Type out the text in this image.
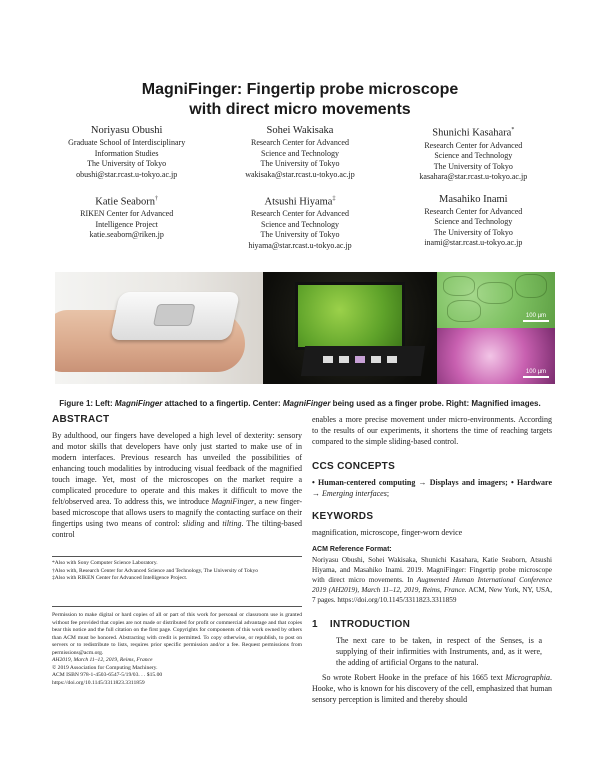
MagniFinger: Fingertip probe microscope
with direct micro movements
Noriyasu Obushi
Graduate School of Interdisciplinary
Information Studies
The University of Tokyo
obushi@star.rcast.u-tokyo.ac.jp
Sohei Wakisaka
Research Center for Advanced
Science and Technology
The University of Tokyo
wakisaka@star.rcast.u-tokyo.ac.jp
Shunichi Kasahara*
Research Center for Advanced
Science and Technology
The University of Tokyo
kasahara@star.rcast.u-tokyo.ac.jp
Katie Seaborn†
RIKEN Center for Advanced
Intelligence Project
katie.seaborn@riken.jp
Atsushi Hiyama‡
Research Center for Advanced
Science and Technology
The University of Tokyo
hiyama@star.rcast.u-tokyo.ac.jp
Masahiko Inami
Research Center for Advanced
Science and Technology
The University of Tokyo
inami@star.rcast.u-tokyo.ac.jp
100 µm
100 µm
Figure 1: Left: MagniFinger attached to a fingertip. Center: MagniFinger being used as a finger probe. Right: Magnified images.
ABSTRACT

By adulthood, our fingers have developed a high level of dexterity: sensory and motor skills that developers have only just started to make use of in modern interfaces. Previous research has unveiled the possibilities of enhancing touch modalities by introducing visual feedback of the magnified touch image. Yet, most of the microscopes on the market require a complicated procedure to operate and this makes it difficult to move the felt/observed area. To address this, we introduce MagniFinger, a new finger-based microscope that allows users to magnify the contacting surface on their fingertips using two means of control: sliding and tilting. The tilting-based control

*Also with Sony Computer Science Laboratory.
†Also with, Research Center for Advanced Science and Technology, The University of Tokyo
‡Also with RIKEN Center for Advanced Intelligence Project.
Permission to make digital or hard copies of all or part of this work for personal or classroom use is granted without fee provided that copies are not made or distributed for profit or commercial advantage and that copies bear this notice and the full citation on the first page. Copyrights for components of this work owned by others than ACM must be honored. Abstracting with credit is permitted. To copy otherwise, or republish, to post on servers or to redistribute to lists, requires prior specific permission and/or a fee. Request permissions from permissions@acm.org.
AH2019, March 11–12, 2019, Reims, France
© 2019 Association for Computing Machinery.
ACM ISBN 978-1-4503-6547-5/19/03. . . $15.00
https://doi.org/10.1145/3311823.3311859

enables a more precise movement under micro-environments. According to the results of our experiments, it shortens the time of reaching targets compared to the simple sliding-based control.

CCS CONCEPTS

• Human-centered computing → Displays and imagers; • Hardware → Emerging interfaces;

KEYWORDS

magnification, microscope, finger-worn device

ACM Reference Format:

Noriyasu Obushi, Sohei Wakisaka, Shunichi Kasahara, Katie Seaborn, Atsushi Hiyama, and Masahiko Inami. 2019. MagniFinger: Fingertip probe microscope with direct micro movements. In Augmented Human International Conference 2019 (AH2019), March 11–12, 2019, Reims, France. ACM, New York, NY, USA, 7 pages. https://doi.org/10.1145/3311823.3311859

1 INTRODUCTION
The next care to be taken, in respect of the Senses, is a supplying of their infirmities with Instruments, and, as it were, the adding of artificial Organs to the natural.

So wrote Robert Hooke in the preface of his 1665 text Micrographia. Hooke, who is known for his discovery of the cell, emphasized that human sensory perception is limited and thereby should
